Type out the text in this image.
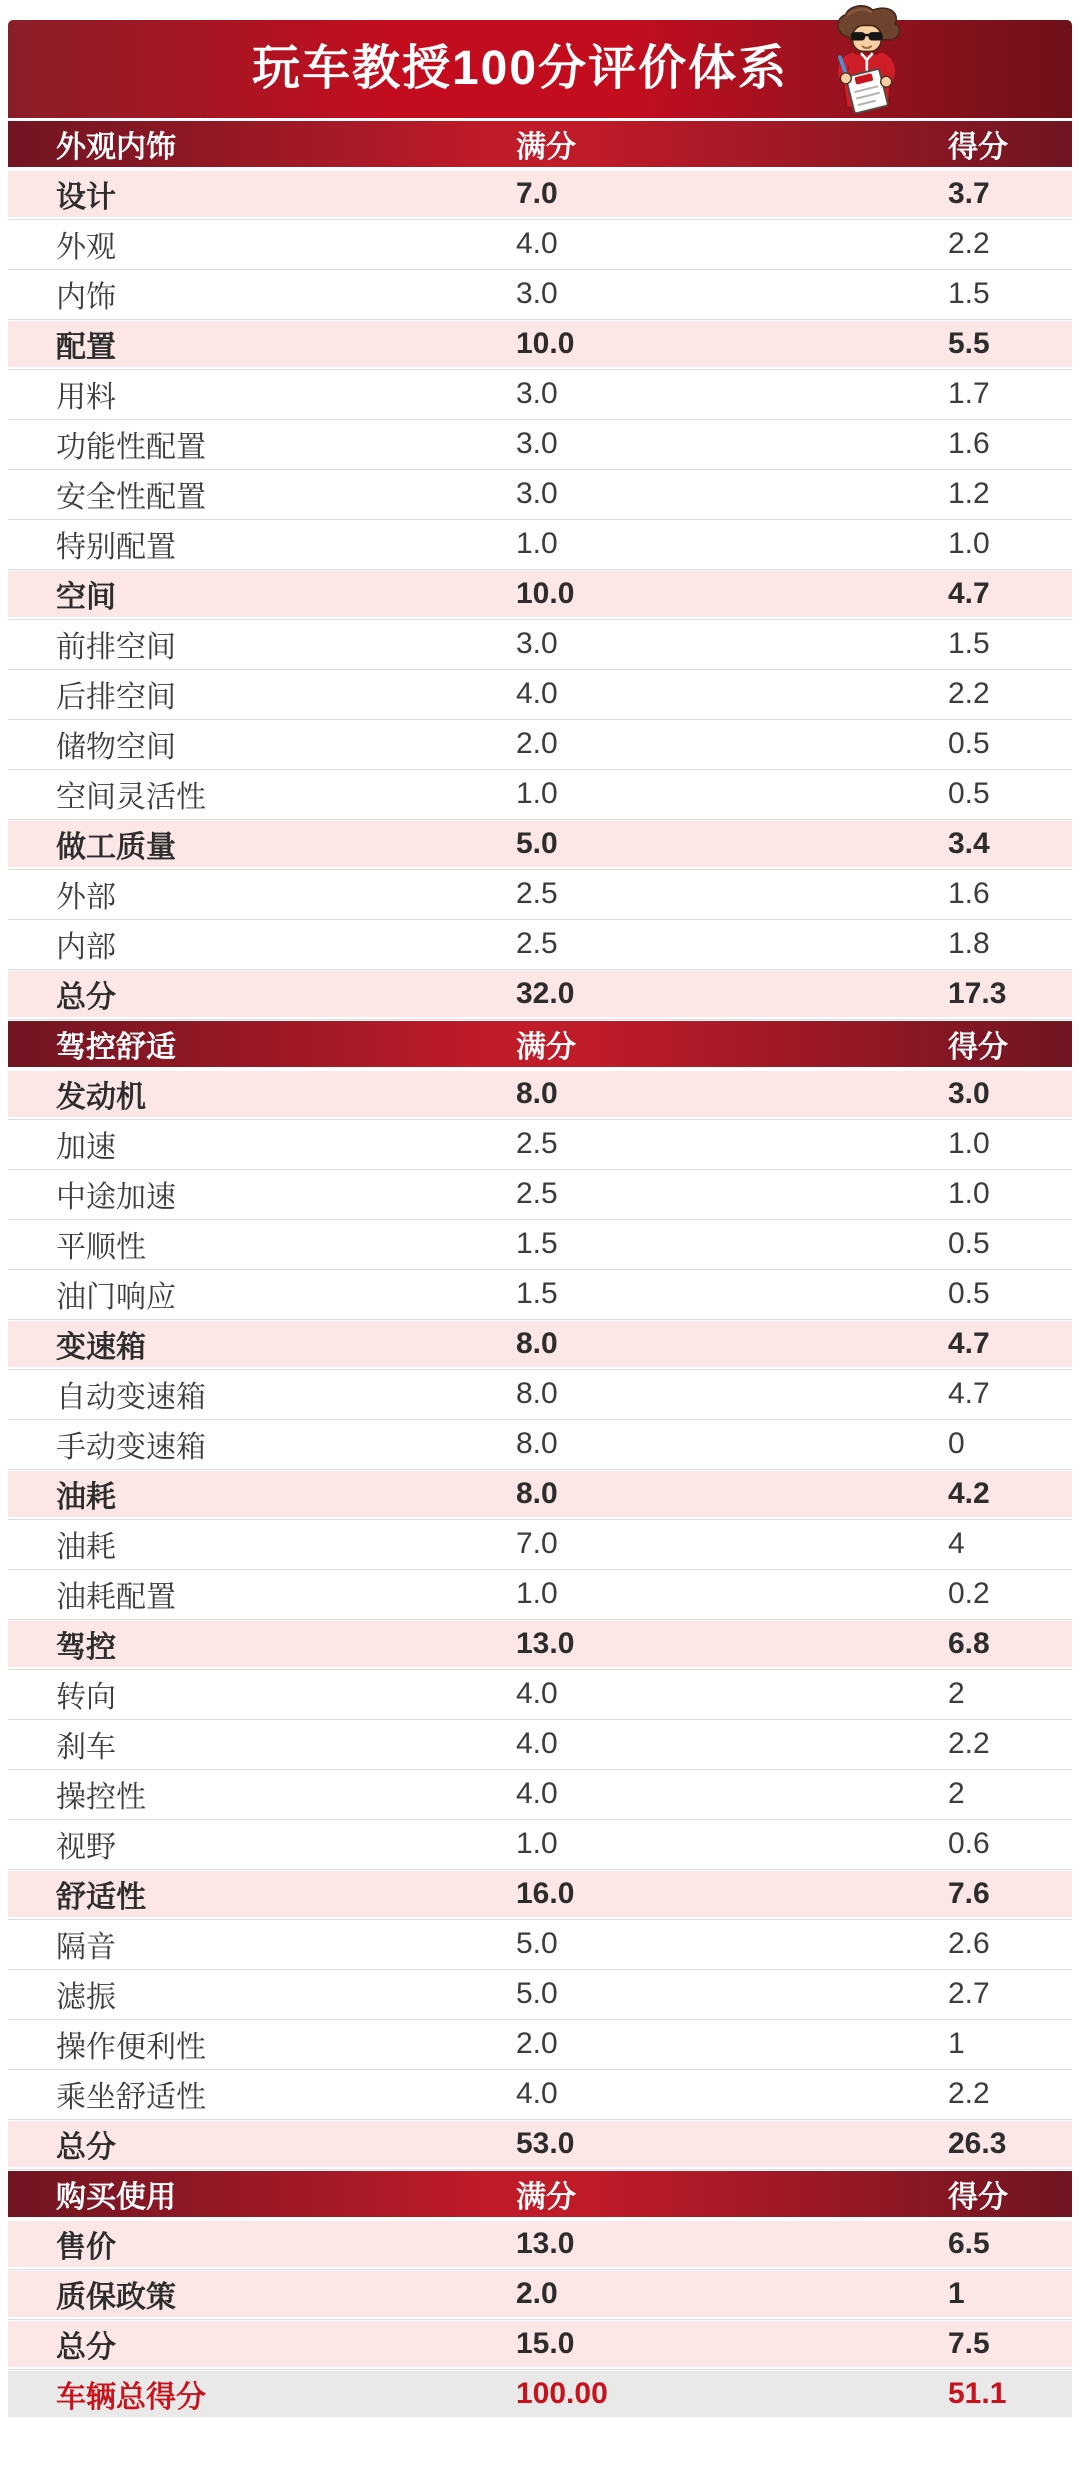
玩车教授100分评价体系
外观内饰	满分	得分
设计	7.0	3.7
外观	4.0	2.2
内饰	3.0	1.5
配置	10.0	5.5
用料	3.0	1.7
功能性配置	3.0	1.6
安全性配置	3.0	1.2
特别配置	1.0	1.0
空间	10.0	4.7
前排空间	3.0	1.5
后排空间	4.0	2.2
储物空间	2.0	0.5
空间灵活性	1.0	0.5
做工质量	5.0	3.4
外部	2.5	1.6
内部	2.5	1.8
总分	32.0	17.3
驾控舒适	满分	得分
发动机	8.0	3.0
加速	2.5	1.0
中途加速	2.5	1.0
平顺性	1.5	0.5
油门响应	1.5	0.5
变速箱	8.0	4.7
自动变速箱	8.0	4.7
手动变速箱	8.0	0
油耗	8.0	4.2
油耗	7.0	4
油耗配置	1.0	0.2
驾控	13.0	6.8
转向	4.0	2
刹车	4.0	2.2
操控性	4.0	2
视野	1.0	0.6
舒适性	16.0	7.6
隔音	5.0	2.6
滤振	5.0	2.7
操作便利性	2.0	1
乘坐舒适性	4.0	2.2
总分	53.0	26.3
购买使用	满分	得分
售价	13.0	6.5
质保政策	2.0	1
总分	15.0	7.5
车辆总得分	100.00	51.1
